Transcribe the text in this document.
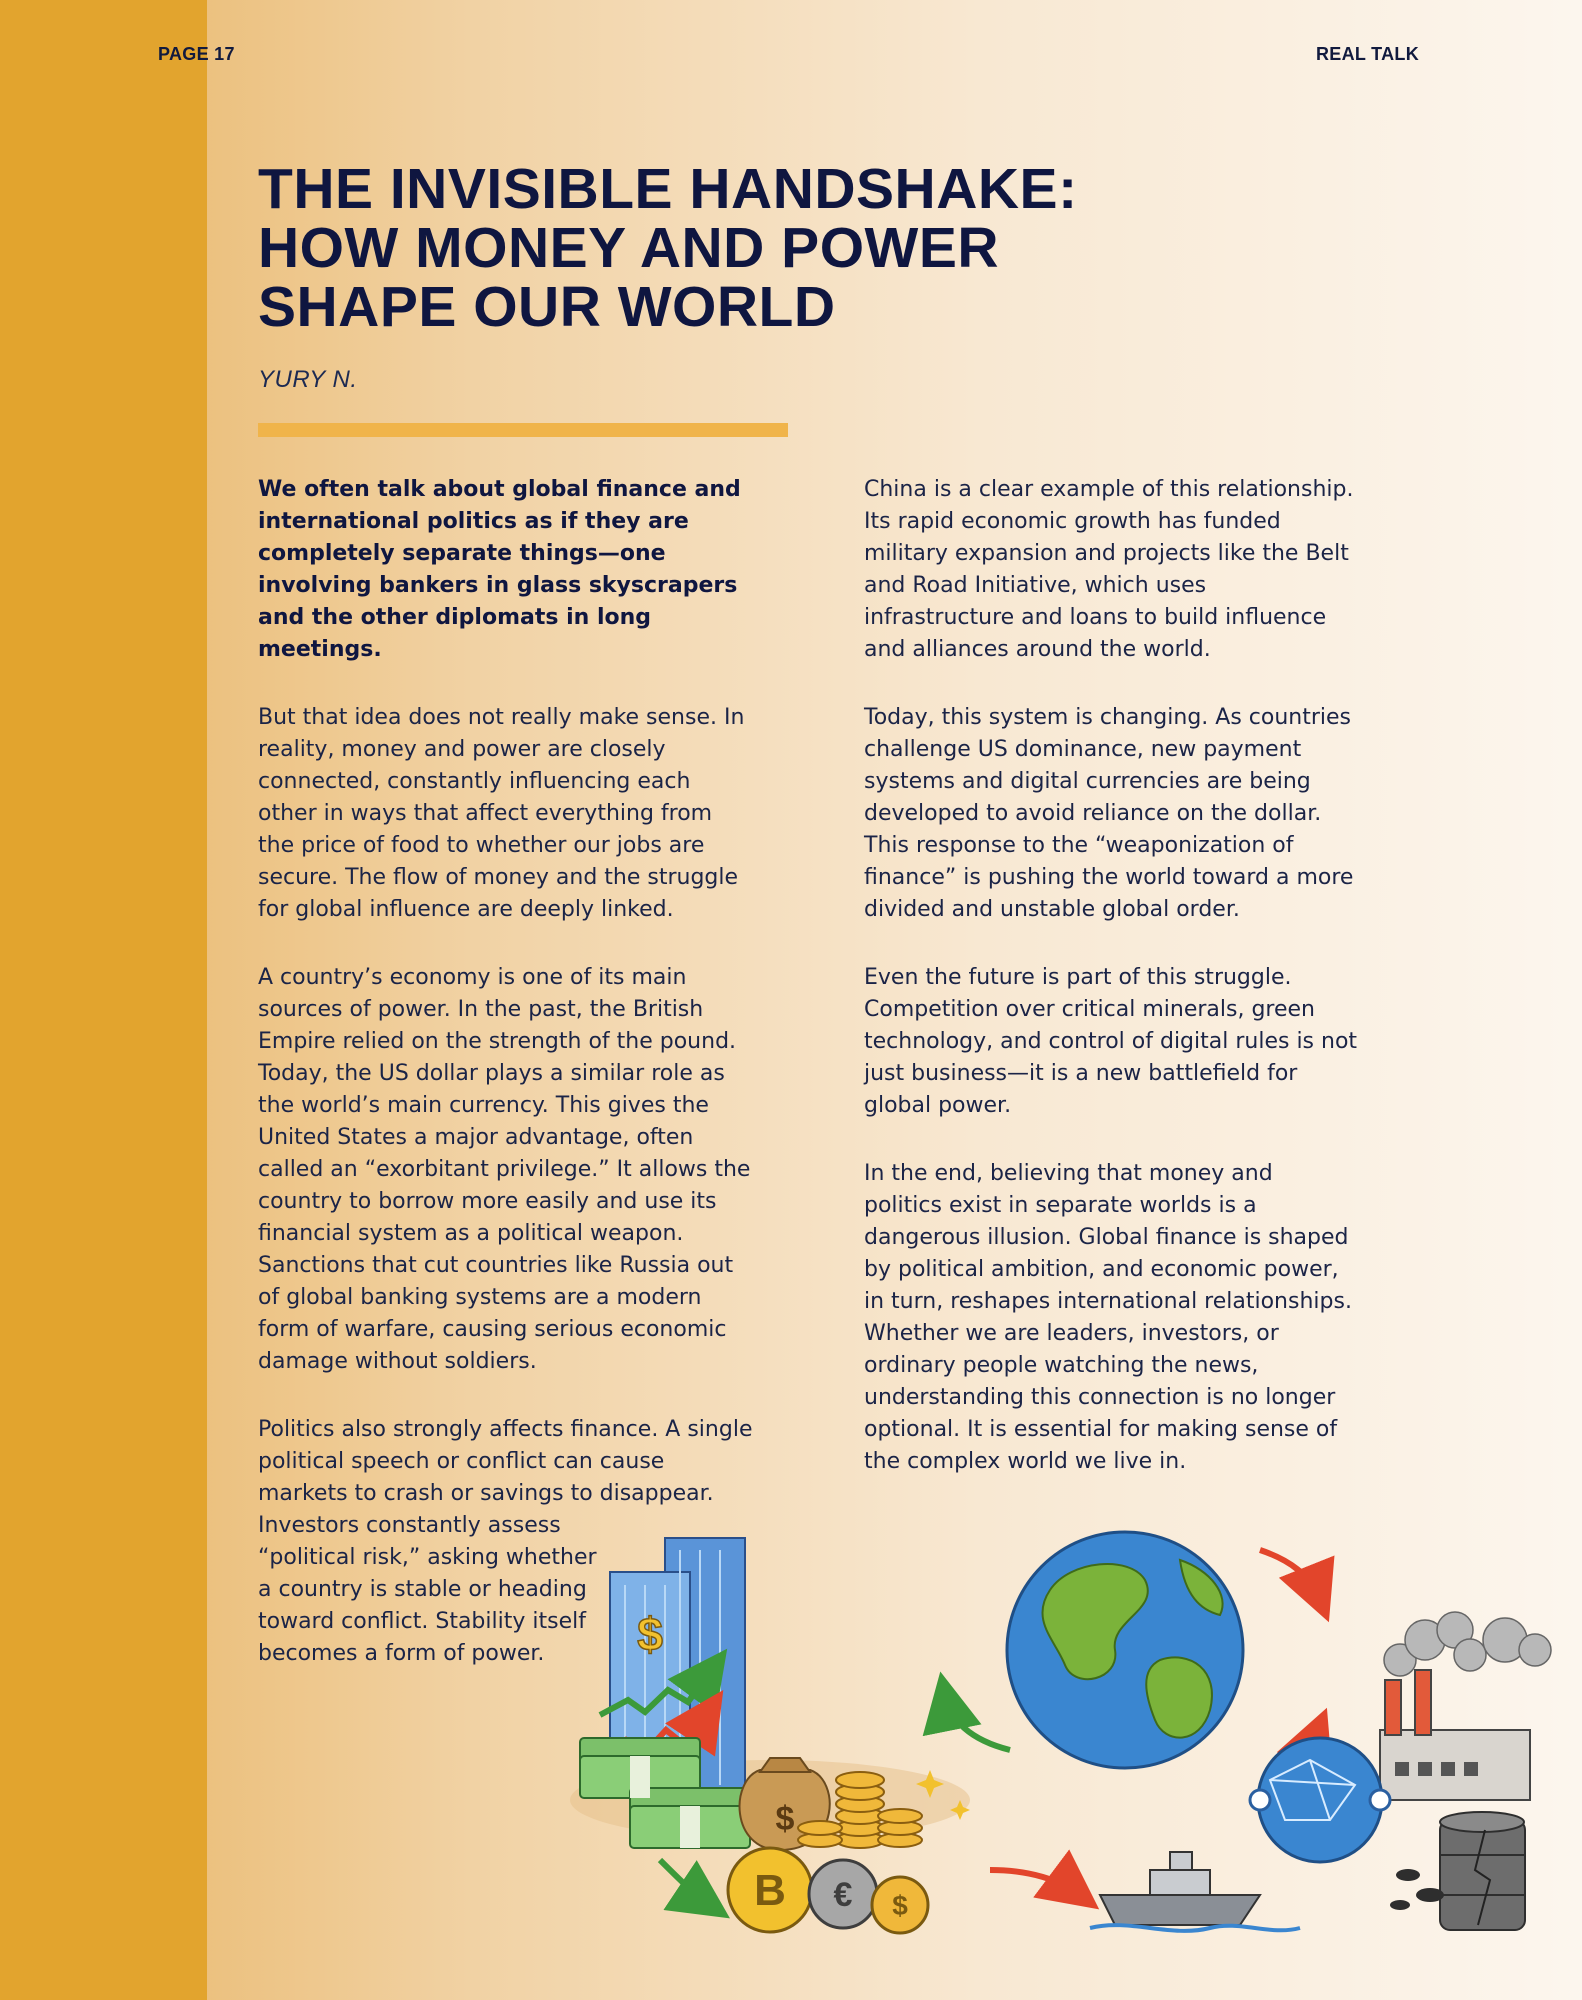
PAGE 17	REAL TALK
THE INVISIBLE HANDSHAKE:
HOW MONEY AND POWER
SHAPE OUR WORLD
YURY N.

We often talk about global finance and
international politics as if they are
completely separate things—one
involving bankers in glass skyscrapers
and the other diplomats in long
meetings.

But that idea does not really make sense. In
reality, money and power are closely
connected, constantly influencing each
other in ways that affect everything from
the price of food to whether our jobs are
secure. The flow of money and the struggle
for global influence are deeply linked.

A country’s economy is one of its main
sources of power. In the past, the British
Empire relied on the strength of the pound.
Today, the US dollar plays a similar role as
the world’s main currency. This gives the
United States a major advantage, often
called an “exorbitant privilege.” It allows the
country to borrow more easily and use its
financial system as a political weapon.
Sanctions that cut countries like Russia out
of global banking systems are a modern
form of warfare, causing serious economic
damage without soldiers.

Politics also strongly affects finance. A single
political speech or conflict can cause
markets to crash or savings to disappear.
Investors constantly assess
“political risk,” asking whether
a country is stable or heading
toward conflict. Stability itself
becomes a form of power.

China is a clear example of this relationship.
Its rapid economic growth has funded
military expansion and projects like the Belt
and Road Initiative, which uses
infrastructure and loans to build influence
and alliances around the world.

Today, this system is changing. As countries
challenge US dominance, new payment
systems and digital currencies are being
developed to avoid reliance on the dollar.
This response to the “weaponization of
finance” is pushing the world toward a more
divided and unstable global order.

Even the future is part of this struggle.
Competition over critical minerals, green
technology, and control of digital rules is not
just business—it is a new battlefield for
global power.

In the end, believing that money and
politics exist in separate worlds is a
dangerous illusion. Global finance is shaped
by political ambition, and economic power,
in turn, reshapes international relationships.
Whether we are leaders, investors, or
ordinary people watching the news,
understanding this connection is no longer
optional. It is essential for making sense of
the complex world we live in.

$
$
B € $
